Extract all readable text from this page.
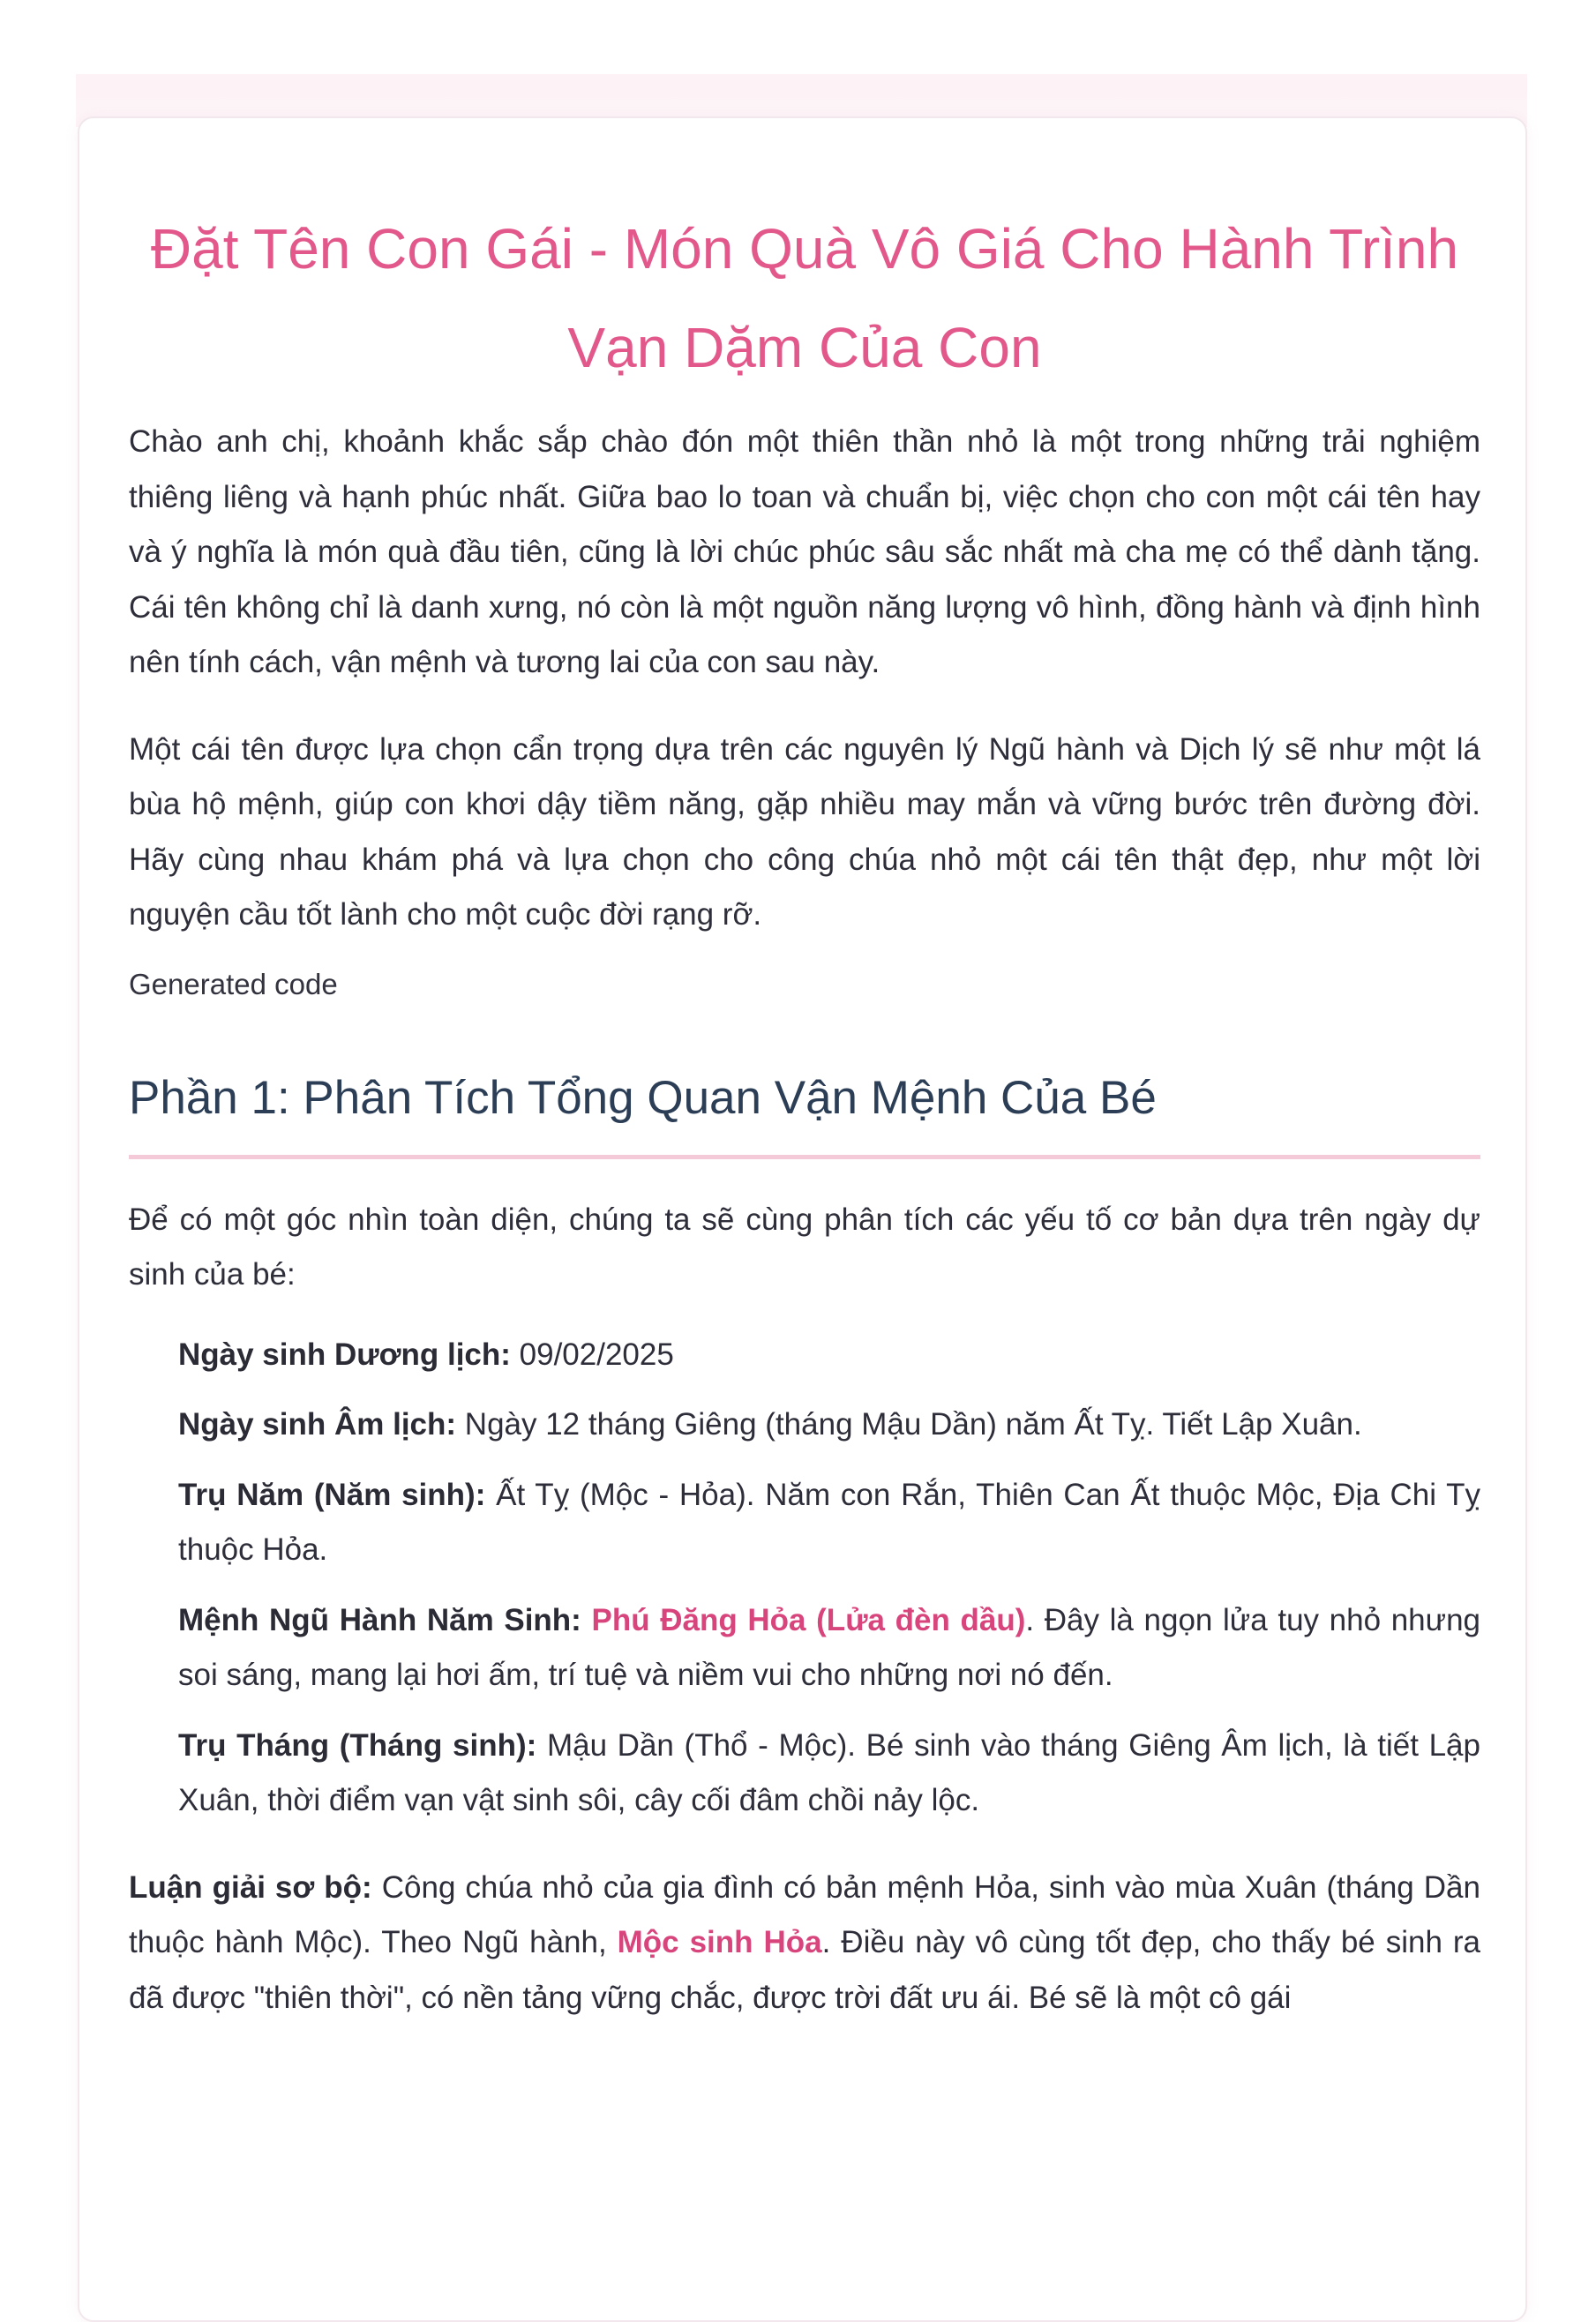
Đặt Tên Con Gái - Món Quà Vô Giá Cho Hành Trình Vạn Dặm Của Con

Chào anh chị, khoảnh khắc sắp chào đón một thiên thần nhỏ là một trong những trải nghiệm thiêng liêng và hạnh phúc nhất. Giữa bao lo toan và chuẩn bị, việc chọn cho con một cái tên hay và ý nghĩa là món quà đầu tiên, cũng là lời chúc phúc sâu sắc nhất mà cha mẹ có thể dành tặng. Cái tên không chỉ là danh xưng, nó còn là một nguồn năng lượng vô hình, đồng hành và định hình nên tính cách, vận mệnh và tương lai của con sau này.

Một cái tên được lựa chọn cẩn trọng dựa trên các nguyên lý Ngũ hành và Dịch lý sẽ như một lá bùa hộ mệnh, giúp con khơi dậy tiềm năng, gặp nhiều may mắn và vững bước trên đường đời. Hãy cùng nhau khám phá và lựa chọn cho công chúa nhỏ một cái tên thật đẹp, như một lời nguyện cầu tốt lành cho một cuộc đời rạng rỡ.

Generated code
Phần 1: Phân Tích Tổng Quan Vận Mệnh Của Bé

Để có một góc nhìn toàn diện, chúng ta sẽ cùng phân tích các yếu tố cơ bản dựa trên ngày dự sinh của bé:

Ngày sinh Dương lịch: 09/02/2025
Ngày sinh Âm lịch: Ngày 12 tháng Giêng (tháng Mậu Dần) năm Ất Tỵ. Tiết Lập Xuân.
Trụ Năm (Năm sinh): Ất Tỵ (Mộc - Hỏa). Năm con Rắn, Thiên Can Ất thuộc Mộc, Địa Chi Tỵ thuộc Hỏa.
Mệnh Ngũ Hành Năm Sinh: Phú Đăng Hỏa (Lửa đèn dầu). Đây là ngọn lửa tuy nhỏ nhưng soi sáng, mang lại hơi ấm, trí tuệ và niềm vui cho những nơi nó đến.
Trụ Tháng (Tháng sinh): Mậu Dần (Thổ - Mộc). Bé sinh vào tháng Giêng Âm lịch, là tiết Lập Xuân, thời điểm vạn vật sinh sôi, cây cối đâm chồi nảy lộc.

Luận giải sơ bộ: Công chúa nhỏ của gia đình có bản mệnh Hỏa, sinh vào mùa Xuân (tháng Dần thuộc hành Mộc). Theo Ngũ hành, Mộc sinh Hỏa. Điều này vô cùng tốt đẹp, cho thấy bé sinh ra đã được "thiên thời", có nền tảng vững chắc, được trời đất ưu ái. Bé sẽ là một cô gái
